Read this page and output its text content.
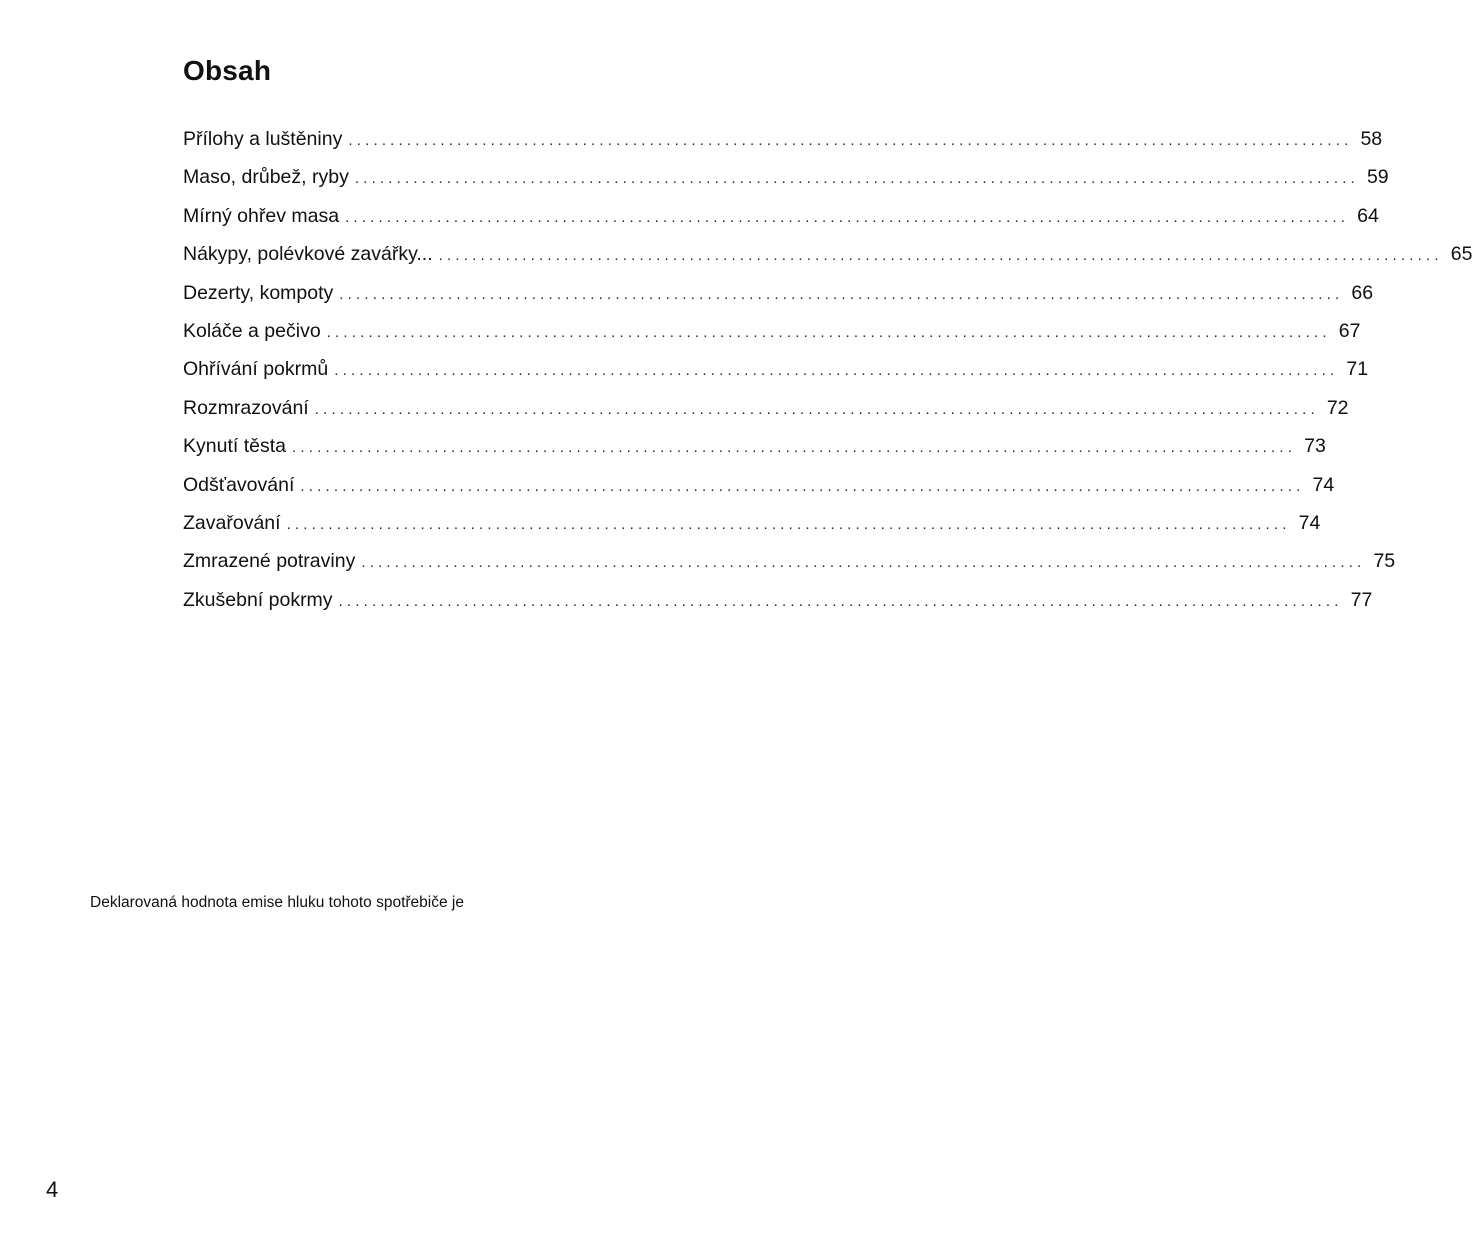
Obsah
Přílohy a luštěniny ........................................................................................................................ 58
Maso, drůbež, ryby ........................................................................................................................ 59
Mírný ohřev masa ........................................................................................................................ 64
Nákypy, polévkové zavářky... ........................................................................................................................ 65
Dezerty, kompoty ........................................................................................................................ 66
Koláče a pečivo ........................................................................................................................ 67
Ohřívání pokrmů ........................................................................................................................ 71
Rozmrazování ........................................................................................................................ 72
Kynutí těsta ........................................................................................................................ 73
Odšťavování ........................................................................................................................ 74
Zavařování ........................................................................................................................ 74
Zmrazené potraviny ........................................................................................................................ 75
Zkušební pokrmy ........................................................................................................................ 77

Deklarovaná hodnota emise hluku tohoto spotřebiče je

4
